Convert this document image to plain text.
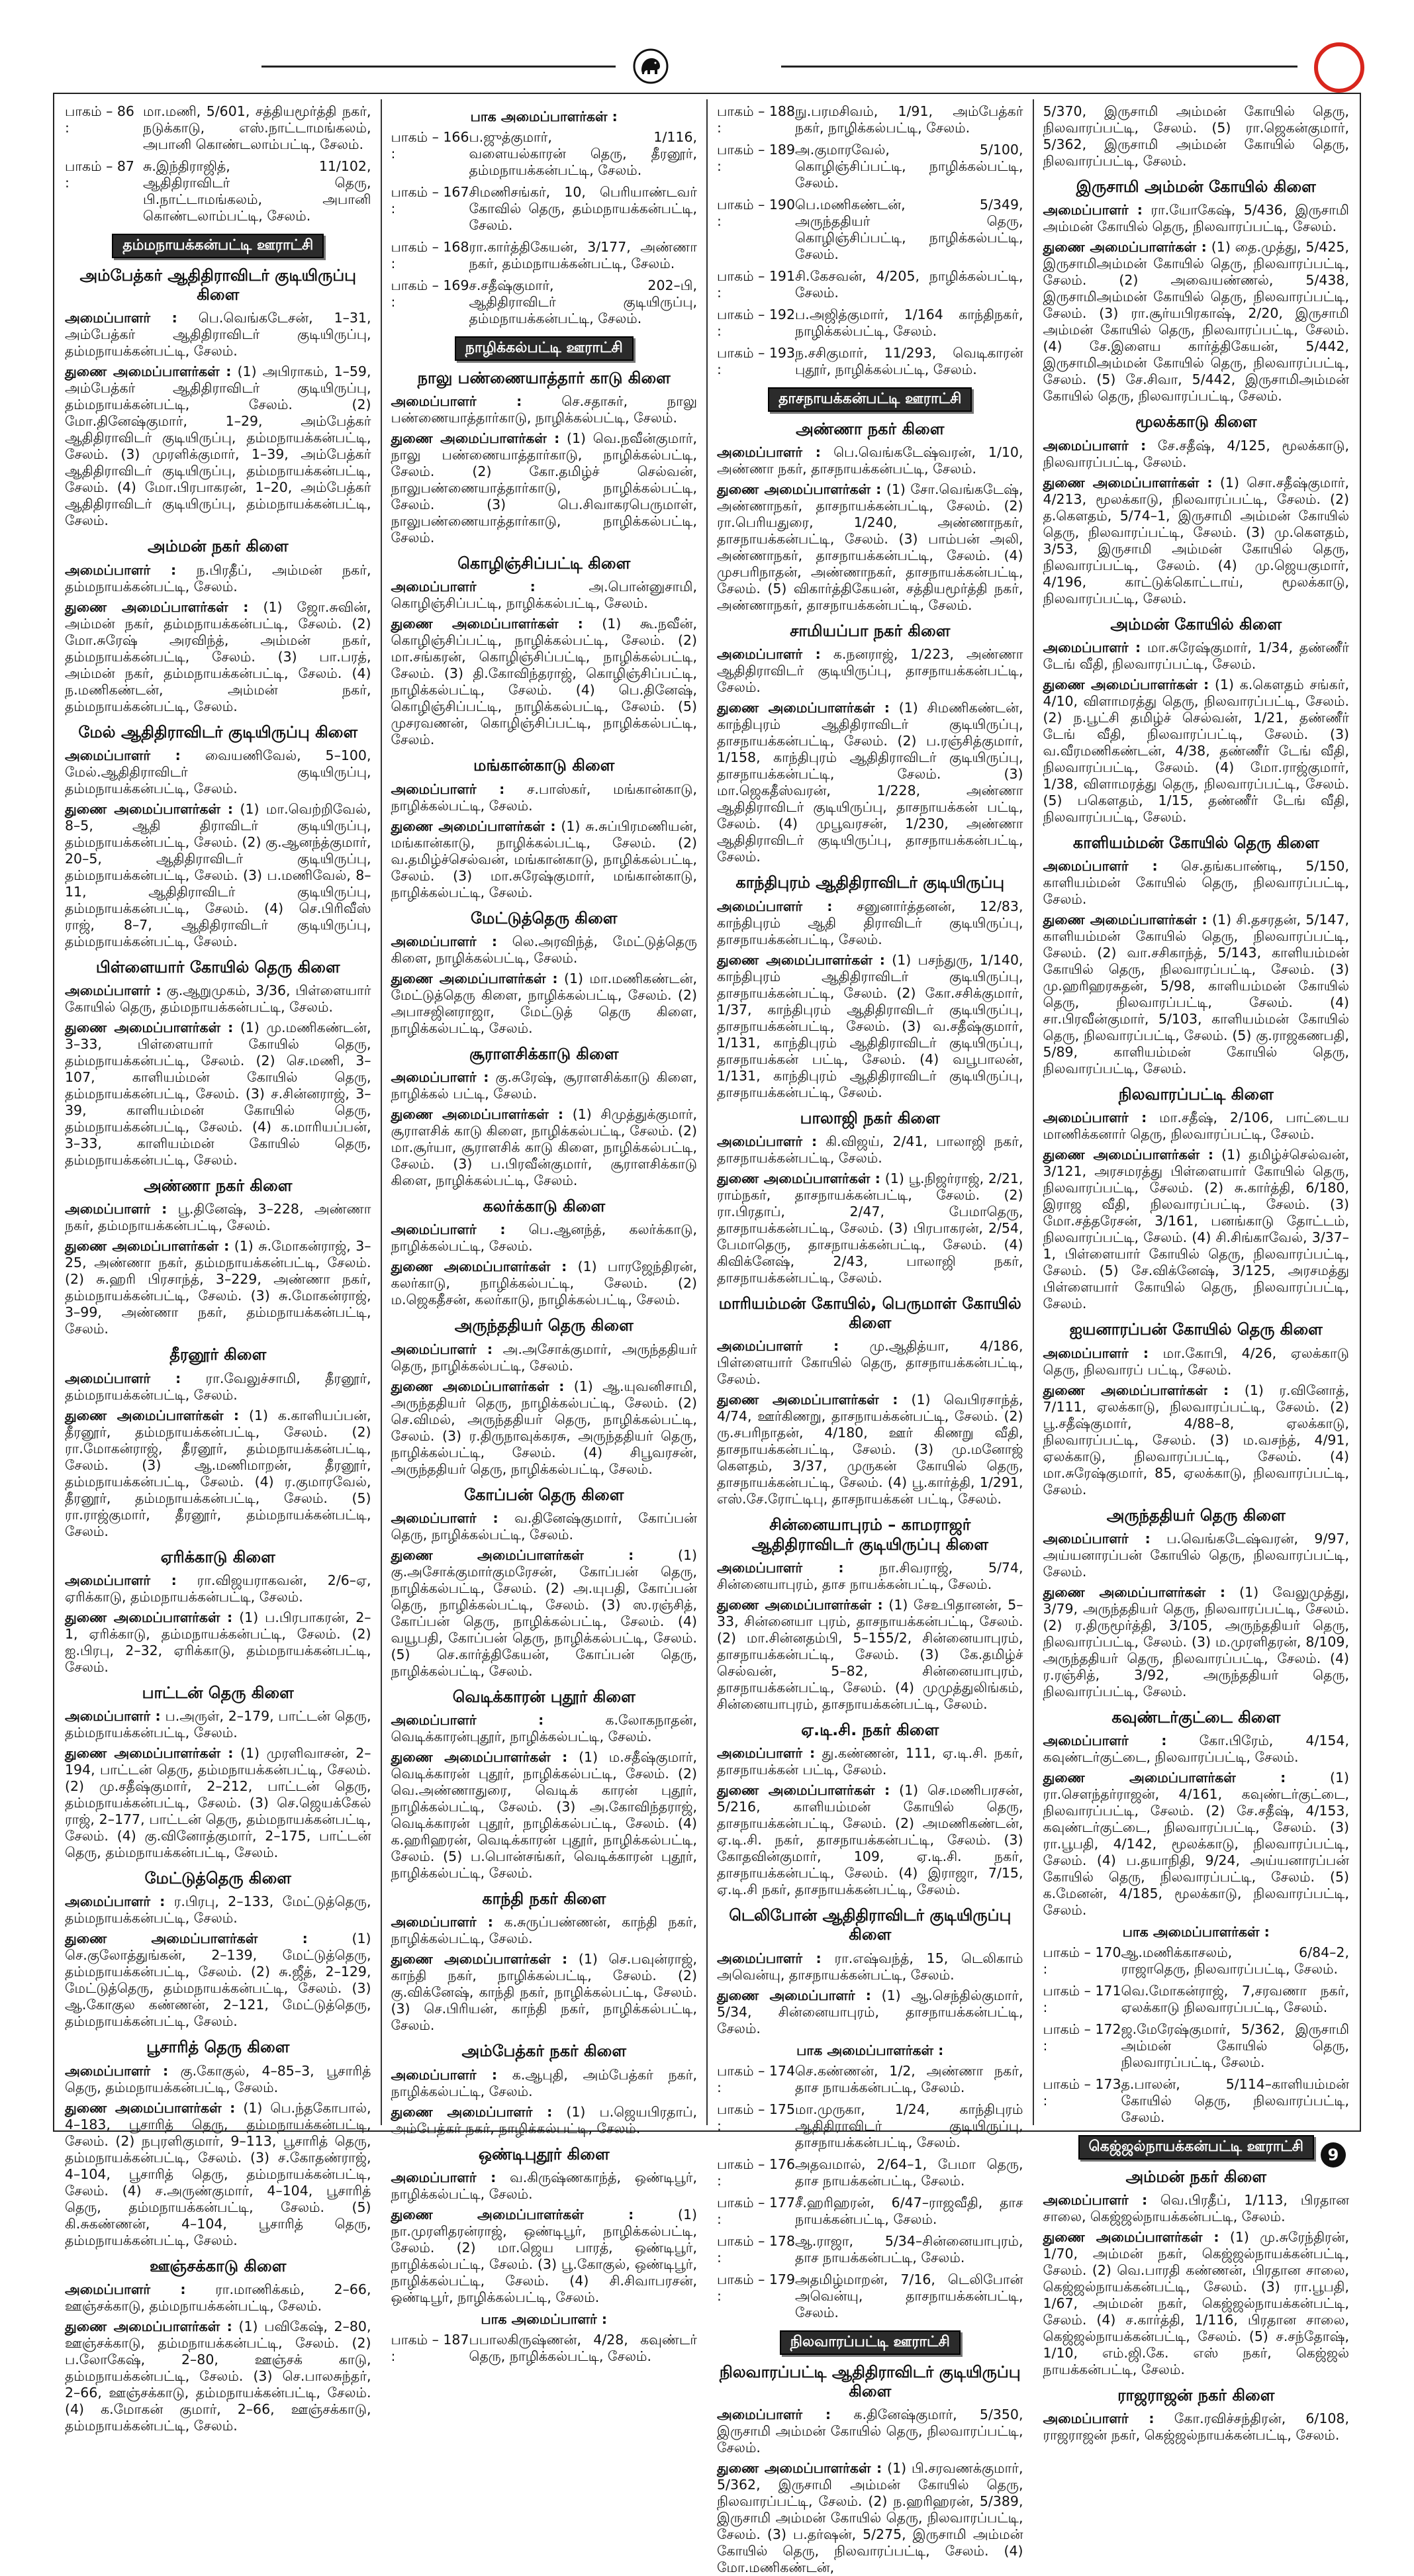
பாகம் – 86 :
மா.மணி, 5/601, சத்தியமூர்த்தி நகர், நடுக்காடு, எஸ்.நாட்டாமங்கலம், அபானி கொண்டலாம்பட்டி, சேலம்.
பாகம் – 87 :
சு.இந்திராஜித், 11/102, ஆதிதிராவிடர் தெரு, பி.நாட்டாமங்கலம், அபானி கொண்டலாம்பட்டி, சேலம்.
தம்மநாயக்கன்பட்டி ஊராட்சி
அம்பேத்கர் ஆதிதிராவிடர் குடியிருப்பு கிளை
அமைப்பாளர் : பெ.வெங்கடேசன், 1–31, அம்பேத்கர் ஆதிதிராவிடர் குடியிருப்பு, தம்மநாயக்கன்பட்டி, சேலம்.
துணை அமைப்பாளர்கள் : (1) அபிராகம், 1–59, அம்பேத்கர் ஆதிதிராவிடர் குடியிருப்பு, தம்மநாயக்கன்பட்டி, சேலம். (2) மோ.தினேஷ்குமார், 1–29, அம்பேத்கர் ஆதிதிராவிடர் குடியிருப்பு, தம்மநாயக்கன்பட்டி, சேலம். (3) முரளிக்குமார், 1–39, அம்பேத்கர் ஆதிதிராவிடர் குடியிருப்பு, தம்மநாயக்கன்பட்டி, சேலம். (4) மோ.பிரபாகரன், 1–20, அம்பேத்கர் ஆதிதிராவிடர் குடியிருப்பு, தம்மநாயக்கன்பட்டி, சேலம்.
அம்மன் நகர் கிளை
அமைப்பாளர் : ந.பிரதீப், அம்மன் நகர், தம்மநாயக்கன்பட்டி, சேலம்.
துணை அமைப்பாளர்கள் : (1) ஜோ.சுவின், அம்மன் நகர், தம்மநாயக்கன்பட்டி, சேலம். (2) மோ.சுரேஷ் அரவிந்த், அம்மன் நகர், தம்மநாயக்கன்பட்டி, சேலம். (3) பா.பரத், அம்மன் நகர், தம்மநாயக்கன்பட்டி, சேலம். (4) ந.மணிகண்டன், அம்மன் நகர், தம்மநாயக்கன்பட்டி, சேலம்.
மேல் ஆதிதிராவிடர் குடியிருப்பு கிளை
அமைப்பாளர் : வையணிவேல், 5–100, மேல்.ஆதிதிராவிடர் குடியிருப்பு, தம்மநாயக்கன்பட்டி, சேலம்.
துணை அமைப்பாளர்கள் : (1) மா.வெற்றிவேல், 8–5, ஆதி திராவிடர் குடியிருப்பு, தம்மநாயக்கன்பட்டி, சேலம். (2) கு.ஆனந்த்குமார், 20–5, ஆதிதிராவிடர் குடியிருப்பு, தம்மநாயக்கன்பட்டி, சேலம். (3) ப.மணிவேல், 8–11, ஆதிதிராவிடர் குடியிருப்பு, தம்மநாயக்கன்பட்டி, சேலம். (4) செ.பிரிவீஸ் ராஜ், 8–7, ஆதிதிராவிடர் குடியிருப்பு, தம்மநாயக்கன்பட்டி, சேலம்.
பிள்ளையார் கோயில் தெரு கிளை
அமைப்பாளர் : கு.ஆறுமுகம், 3/36, பிள்ளையார் கோயில் தெரு, தம்மநாயக்கன்பட்டி, சேலம்.
துணை அமைப்பாளர்கள் : (1) மு.மணிகண்டன், 3–33, பிள்ளையார் கோயில் தெரு, தம்மநாயக்கன்பட்டி, சேலம். (2) செ.மணி, 3–107, காளியம்மன் கோயில் தெரு, தம்மநாயக்கன்பட்டி, சேலம். (3) ச.சின்னராஜ், 3–39, காளியம்மன் கோயில் தெரு, தம்மநாயக்கன்பட்டி, சேலம். (4) க.மாரியப்பன், 3–33, காளியம்மன் கோயில் தெரு, தம்மநாயக்கன்பட்டி, சேலம்.
அண்ணா நகர் கிளை
அமைப்பாளர் : பூ.தினேஷ், 3–228, அண்ணா நகர், தம்மநாயக்கன்பட்டி, சேலம்.
துணை அமைப்பாளர்கள் : (1) சு.மோகன்ராஜ், 3–25, அண்ணா நகர், தம்மநாயக்கன்பட்டி, சேலம். (2) சு.ஹரி பிரசாந்த், 3–229, அண்ணா நகர், தம்மநாயக்கன்பட்டி, சேலம். (3) சு.மோகன்ராஜ், 3–99, அண்ணா நகர், தம்மநாயக்கன்பட்டி, சேலம்.
தீரனூர் கிளை
அமைப்பாளர் : ரா.வேலுச்சாமி, தீரனூர், தம்மநாயக்கன்பட்டி, சேலம்.
துணை அமைப்பாளர்கள் : (1) க.காளியப்பன், தீரனூர், தம்மநாயக்கன்பட்டி, சேலம். (2) ரா.மோகன்ராஜ், தீரனூர், தம்மநாயக்கன்பட்டி, சேலம். (3) ஆ.மணிமாறன், தீரனூர், தம்மநாயக்கன்பட்டி, சேலம். (4) ர.குமாரவேல், தீரனூர், தம்மநாயக்கன்பட்டி, சேலம். (5) ரா.ராஜ்குமார், தீரனூர், தம்மநாயக்கன்பட்டி, சேலம்.
ஏரிக்காடு கிளை
அமைப்பாளர் : ரா.விஜயராகவன், 2/6–ஏ, ஏரிக்காடு, தம்மநாயக்கன்பட்டி, சேலம்.
துணை அமைப்பாளர்கள் : (1) ப.பிரபாகரன், 2–1, ஏரிக்காடு, தம்மநாயக்கன்பட்டி, சேலம். (2) ஐ.பிரபு, 2–32, ஏரிக்காடு, தம்மநாயக்கன்பட்டி, சேலம்.
பாட்டன் தெரு கிளை
அமைப்பாளர் : ப.அருள், 2–179, பாட்டன் தெரு, தம்மநாயக்கன்பட்டி, சேலம்.
துணை அமைப்பாளர்கள் : (1) முரளிவாசன், 2–194, பாட்டன் தெரு, தம்மநாயக்கன்பட்டி, சேலம். (2) மு.சதீஷ்குமார், 2–212, பாட்டன் தெரு, தம்மநாயக்கன்பட்டி, சேலம். (3) செ.ஜெயக்கேல் ராஜ், 2–177, பாட்டன் தெரு, தம்மநாயக்கன்பட்டி, சேலம். (4) கு.வினோத்குமார், 2–175, பாட்டன் தெரு, தம்மநாயக்கன்பட்டி, சேலம்.
மேட்டுத்தெரு கிளை
அமைப்பாளர் : ர.பிரபு, 2–133, மேட்டுத்தெரு, தம்மநாயக்கன்பட்டி, சேலம்.
துணை அமைப்பாளர்கள் :	(1) செ.குலோத்துங்கன், 2–139, மேட்டுத்தெரு, தம்மநாயக்கன்பட்டி, சேலம். (2) சு.ஜீத், 2–129, மேட்டுத்தெரு, தம்மநாயக்கன்பட்டி, சேலம். (3) ஆ.கோகுல கண்ணன், 2–121, மேட்டுத்தெரு, தம்மநாயக்கன்பட்டி, சேலம்.
பூசாரித் தெரு கிளை
அமைப்பாளர் : கு.கோகுல், 4–85–3, பூசாரித் தெரு, தம்மநாயக்கன்பட்டி, சேலம்.
துணை அமைப்பாளர்கள் : (1) பெ.ந்தகோபால், 4–183, பூசாரித் தெரு, தம்மநாயக்கன்பட்டி, சேலம். (2) நபுரளிகுமார், 9–113, பூசாரித் தெரு, தம்மநாயக்கன்பட்டி, சேலம். (3) ச.கோதண்ராஜ், 4–104, பூசாரித் தெரு, தம்மநாயக்கன்பட்டி, சேலம். (4) ச.அருண்குமார், 4–104, பூசாரித் தெரு, தம்மநாயக்கன்பட்டி, சேலம். (5) கி.சுகண்ணன், 4–104, பூசாரித் தெரு, தம்மநாயக்கன்பட்டி, சேலம்.
ஊஞ்சக்காடு கிளை
அமைப்பாளர் : ரா.மாணிக்கம், 2–66, ஊஞ்சக்காடு, தம்மநாயக்கன்பட்டி, சேலம்.
துணை அமைப்பாளர்கள் : (1) பவிகேஷ், 2–80, ஊஞ்சக்காடு, தம்மநாயக்கன்பட்டி, சேலம். (2) ப.லோகேஷ், 2–80, ஊஞ்சக் காடு, தம்மநாயக்கன்பட்டி, சேலம். (3) செ.பாலசுந்தர், 2–66, ஊஞ்சக்காடு, தம்மநாயக்கன்பட்டி, சேலம். (4) க.மோகன் குமார், 2–66, ஊஞ்சக்காடு, தம்மநாயக்கன்பட்டி, சேலம்.
பாக அமைப்பாளர்கள் :
பாகம் – 166 :
ப.ஜுத்குமார், 1/116, வளையல்காரன் தெரு, தீரனூர், தம்மநாயக்கன்பட்டி, சேலம்.
பாகம் – 167 :
சிமணிசங்கர், 10, பெரியாண்டவர் கோவில் தெரு, தம்மநாயக்கன்பட்டி, சேலம்.
பாகம் – 168 :
ரா.கார்த்திகேயன், 3/177, அண்ணா நகர், தம்மநாயக்கன்பட்டி, சேலம்.
பாகம் – 169 :
ச.சதீஷ்குமார், 202–பி, ஆதிதிராவிடர் குடியிருப்பு, தம்மநாயக்கன்பட்டி, சேலம்.
நாழிக்கல்பட்டி ஊராட்சி
நாலு பண்ணையாத்தார் காடு கிளை
அமைப்பாளர் :	செ.சதாசுர், நாலு பண்ணையாத்தார்காடு, நாழிக்கல்பட்டி, சேலம்.
துணை அமைப்பாளர்கள் : (1) வெ.நவீன்குமார், நாலு பண்ணையாத்தார்காடு, நாழிக்கல்பட்டி, சேலம். (2) கோ.தமிழ்ச் செல்வன், நாலுபண்ணையாத்தார்காடு, நாழிக்கல்பட்டி, சேலம். (3) பெ.சிவாகரபெருமாள், நாலுபண்ணையாத்தார்காடு, நாழிக்கல்பட்டி, சேலம்.
கொழிஞ்சிப்பட்டி கிளை
அமைப்பாளர் :	அ.பொன்னுசாமி, கொழிஞ்சிப்பட்டி, நாழிக்கல்பட்டி, சேலம்.
துணை அமைப்பாளர்கள் : (1) கூ.நவீன், கொழிஞ்சிப்பட்டி, நாழிக்கல்பட்டி, சேலம். (2) மா.சங்கரன், கொழிஞ்சிப்பட்டி, நாழிக்கல்பட்டி, சேலம். (3) தி.கோவிந்தராஜ், கொழிஞ்சிப்பட்டி, நாழிக்கல்பட்டி, சேலம். (4) பெ.தினேஷ், கொழிஞ்சிப்பட்டி, நாழிக்கல்பட்டி, சேலம். (5) முசரவணன், கொழிஞ்சிப்பட்டி, நாழிக்கல்பட்டி, சேலம்.
மங்கான்காடு கிளை
அமைப்பாளர் : ச.பாஸ்கர், மங்கான்காடு, நாழிக்கல்பட்டி, சேலம்.
துணை அமைப்பாளர்கள் : (1) சு.சுப்பிரமணியன், மங்கான்காடு, நாழிக்கல்பட்டி, சேலம். (2) வ.தமிழ்ச்செல்வன், மங்கான்காடு, நாழிக்கல்பட்டி, சேலம். (3) மா.சுரேஷ்குமார், மங்கான்காடு, நாழிக்கல்பட்டி, சேலம்.
மேட்டுத்தெரு கிளை
அமைப்பாளர் : லெ.அரவிந்த், மேட்டுத்தெரு கிளை, நாழிக்கல்பட்டி, சேலம்.
துணை அமைப்பாளர்கள் : (1) மா.மணிகண்டன், மேட்டுத்தெரு கிளை, நாழிக்கல்பட்டி, சேலம். (2) அபாசஜினராஜா, மேட்டுத் தெரு கிளை, நாழிக்கல்பட்டி, சேலம்.
சூராளசிக்காடு கிளை
அமைப்பாளர் : கு.சுரேஷ், சூராளசிக்காடு கிளை, நாழிக்கல் பட்டி, சேலம்.
துணை அமைப்பாளர்கள் : (1) சிமுத்துக்குமார், சூராளசிக் காடு கிளை, நாழிக்கல்பட்டி, சேலம். (2) மா.சூர்யா, சூராளசிக் காடு கிளை, நாழிக்கல்பட்டி, சேலம். (3) ப.பிரவீன்குமார், சூராளசிக்காடு கிளை, நாழிக்கல்பட்டி, சேலம்.
கலர்க்காடு கிளை
அமைப்பாளர் : பெ.ஆனந்த், கலர்க்காடு, நாழிக்கல்பட்டி, சேலம்.
துணை அமைப்பாளர்கள் : (1) பாரஜேந்திரன், கலர்காடு, நாழிக்கல்பட்டி, சேலம். (2) ம.ஜெகதீசன், கலர்காடு, நாழிக்கல்பட்டி, சேலம்.
அருந்ததியர் தெரு கிளை
அமைப்பாளர் : அ.அசோக்குமார், அருந்ததியர் தெரு, நாழிக்கல்பட்டி, சேலம்.
துணை அமைப்பாளர்கள் : (1) ஆ.யுவனிசாமி, அருந்ததியர் தெரு, நாழிக்கல்பட்டி, சேலம். (2) செ.விமல், அருந்ததியர் தெரு, நாழிக்கல்பட்டி, சேலம். (3) ர.திருநாவுக்கரசு, அருந்ததியர் தெரு, நாழிக்கல்பட்டி, சேலம். (4) சிபூவரசன், அருந்ததியர் தெரு, நாழிக்கல்பட்டி, சேலம்.
கோப்பன் தெரு கிளை
அமைப்பாளர் : வ.தினேஷ்குமார், கோப்பன் தெரு, நாழிக்கல்பட்டி, சேலம்.
துணை அமைப்பாளர்கள் :	(1) கு.அசோக்குமார்குமரேசன், கோப்பன் தெரு, நாழிக்கல்பட்டி, சேலம். (2) அ.யுபதி, கோப்பன் தெரு, நாழிக்கல்பட்டி, சேலம். (3) ஸ.ரஞ்சித், கோப்பன் தெரு, நாழிக்கல்பட்டி, சேலம். (4) வயூபதி, கோப்பன் தெரு, நாழிக்கல்பட்டி, சேலம். (5) செ.கார்த்திகேயன், கோப்பன் தெரு, நாழிக்கல்பட்டி, சேலம்.
வெடிக்காரன் புதூர் கிளை
அமைப்பாளர் :	க.லோகநாதன், வெடிக்காரன்புதூர், நாழிக்கல்பட்டி, சேலம்.
துணை அமைப்பாளர்கள் : (1) ம.சதீஷ்குமார், வெடிக்காரன் புதூர், நாழிக்கல்பட்டி, சேலம். (2) வெ.அண்ணாதுரை, வெடிக் காரன் புதூர், நாழிக்கல்பட்டி, சேலம். (3) அ.கோவிந்தராஜ், வெடிக்காரன் புதூர், நாழிக்கல்பட்டி, சேலம். (4) க.ஹரிஹரன், வெடிக்காரன் புதூர், நாழிக்கல்பட்டி, சேலம். (5) ப.பொன்சங்கர், வெடிக்காரன் புதூர், நாழிக்கல்பட்டி, சேலம்.
காந்தி நகர் கிளை
அமைப்பாளர் : க.சுருப்பண்ணன், காந்தி நகர், நாழிக்கல்பட்டி, சேலம்.
துணை அமைப்பாளர்கள் : (1) செ.பவுன்ராஜ், காந்தி நகர், நாழிக்கல்பட்டி, சேலம். (2) கு.விக்னேஷ், காந்தி நகர், நாழிக்கல்பட்டி, சேலம். (3) செ.பிரியன், காந்தி நகர், நாழிக்கல்பட்டி, சேலம்.
அம்பேத்கர் நகர் கிளை
அமைப்பாளர் : க.ஆபுதி, அம்பேத்கர் நகர், நாழிக்கல்பட்டி, சேலம்.
துணை அமைப்பாளர் : (1) ப.ஜெயபிரதாப், அம்பேத்கர் நகர், நாழிக்கல்பட்டி, சேலம்.
ஒண்டிபுதூர் கிளை
அமைப்பாளர் : வ.கிருஷ்ணகாந்த், ஒண்டிபூர், நாழிக்கல்பட்டி, சேலம்.
துணை அமைப்பாளர்கள் :	(1) நா.முரளிதரன்ராஜ், ஒண்டிபூர், நாழிக்கல்பட்டி, சேலம். (2) மா.ஜெய பாரத், ஒண்டிபூர், நாழிக்கல்பட்டி, சேலம். (3) பூ.கோகுல், ஒண்டிபூர், நாழிக்கல்பட்டி, சேலம். (4) சி.சிவாபரசன், ஒண்டிபூர், நாழிக்கல்பட்டி, சேலம்.
பாக அமைப்பாளர் :
பாகம் – 187 :
பபாலகிருஷ்ணன், 4/28, கவுண்டர் தெரு, நாழிக்கல்பட்டி, சேலம்.
பாகம் – 188 :
நு.பரமசிவம், 1/91, அம்பேத்கர் நகர், நாழிக்கல்பட்டி, சேலம்.
பாகம் – 189 :
அ.குமாரவேல், 5/100, கொழிஞ்சிப்பட்டி, நாழிக்கல்பட்டி, சேலம்.
பாகம் – 190 :
பெ.மணிகண்டன், 5/349, அருந்ததியர் தெரு, கொழிஞ்சிப்பட்டி, நாழிக்கல்பட்டி, சேலம்.
பாகம் – 191 :
சி.கேசவன், 4/205, நாழிக்கல்பட்டி, சேலம்.
பாகம் – 192 :
ப.அஜித்குமார், 1/164 காந்திநகர், நாழிக்கல்பட்டி, சேலம்.
பாகம் – 193 :
ந.சசிகுமார், 11/293, வெடிகாரன் புதூர், நாழிக்கல்பட்டி, சேலம்.
தாசநாயக்கன்பட்டி ஊராட்சி
அண்ணா நகர் கிளை
அமைப்பாளர் : பெ.வெங்கடேஷ்வரன், 1/10, அண்ணா நகர், தாசநாயக்கன்பட்டி, சேலம்.
துணை அமைப்பாளர்கள் : (1) சோ.வெங்கடேஷ், அண்ணாநகர், தாசநாயக்கன்பட்டி, சேலம். (2) ரா.பெரியதுரை, 1/240, அண்ணாநகர், தாசநாயக்கன்பட்டி, சேலம். (3) பாம்பன் அலி, அண்ணாநகர், தாசநாயக்கன்பட்டி, சேலம். (4) முசபரிநாதன், அண்ணாநகர், தாசநாயக்கன்பட்டி, சேலம். (5) விகார்த்திகேயன், சத்தியமூர்த்தி நகர், அண்ணாநகர், தாசநாயக்கன்பட்டி, சேலம்.
சாமியப்பா நகர் கிளை
அமைப்பாளர் : க.நனராஜ், 1/223, அண்ணா ஆதிதிராவிடர் குடியிருப்பு, தாசநாயக்கன்பட்டி, சேலம்.
துணை அமைப்பாளர்கள் : (1) சிமணிகண்டன், காந்திபுரம் ஆதிதிராவிடர் குடியிருப்பு, தாசநாயக்கன்பட்டி, சேலம். (2) ப.ரஞ்சித்குமார், 1/158, காந்திபுரம் ஆதிதிராவிடர் குடியிருப்பு, தாசநாயக்கன்பட்டி, சேலம். (3) மா.ஜெகதீஸ்வரன், 1/228, அண்ணா ஆதிதிராவிடர் குடியிருப்பு, தாசநாயக்கன் பட்டி, சேலம். (4) முபூவரசன், 1/230, அண்ணா ஆதிதிராவிடர் குடியிருப்பு, தாசநாயக்கன்பட்டி, சேலம்.
காந்திபுரம் ஆதிதிராவிடர் குடியிருப்பு
அமைப்பாளர் : சனுனார்த்தனன், 12/83, காந்திபுரம் ஆதி திராவிடர் குடியிருப்பு, தாசநாயக்கன்பட்டி, சேலம்.
துணை அமைப்பாளர்கள் : (1) பசந்துரு, 1/140, காந்திபுரம் ஆதிதிராவிடர் குடியிருப்பு, தாசநாயக்கன்பட்டி, சேலம். (2) கோ.சசிக்குமார், 1/37, காந்திபுரம் ஆதிதிராவிடர் குடியிருப்பு, தாசநாயக்கன்பட்டி, சேலம். (3) வ.சதீஷ்குமார், 1/131, காந்திபுரம் ஆதிதிராவிடர் குடியிருப்பு, தாசநாயக்கன் பட்டி, சேலம். (4) வபூபாலன், 1/131, காந்திபுரம் ஆதிதிராவிடர் குடியிருப்பு, தாசநாயக்கன்பட்டி, சேலம்.
பாலாஜி நகர் கிளை
அமைப்பாளர் : கி.விஜய், 2/41, பாலாஜி நகர், தாசநாயக்கன்பட்டி, சேலம்.
துணை அமைப்பாளர்கள் : (1) பூ.நிஜர்ராஜ், 2/21, ராம்நகர், தாசநாயக்கன்பட்டி, சேலம். (2) ரா.பிரதாப், 2/47, பேமாதெரு, தாசநாயக்கன்பட்டி, சேலம். (3) பிரபாகரன், 2/54, பேமாதெரு, தாசநாயக்கன்பட்டி, சேலம். (4) கிவிக்னேஷ், 2/43, பாலாஜி நகர், தாசநாயக்கன்பட்டி, சேலம்.
மாரியம்மன் கோயில், பெருமாள் கோயில் கிளை
அமைப்பாளர் : மு.ஆதித்யா, 4/186, பிள்ளையார் கோயில் தெரு, தாசநாயக்கன்பட்டி, சேலம்.
துணை அமைப்பாளர்கள் : (1) வெபிரசாந்த், 4/74, ஊர்கிணறு, தாசநாயக்கன்பட்டி, சேலம். (2) ரு.சபரிநாதன், 4/180, ஊர் கிணறு வீதி, தாசநாயக்கன்பட்டி, சேலம். (3) மு.மனோஜ் கௌதம், 3/37, முருகன் கோயில் தெரு, தாசநாயக்கன்பட்டி, சேலம். (4) பூ.கார்த்தி, 1/291, எஸ்.சே.ரோட்டிபு, தாசநாயக்கன் பட்டி, சேலம்.
சின்னையாபுரம் – காமராஜர் ஆதிதிராவிடர் குடியிருப்பு கிளை
அமைப்பாளர் :	நா.சிவராஜ், 5/74, சின்னையாபுரம், தாச நாயக்கன்பட்டி, சேலம்.
துணை அமைப்பாளர்கள் : (1) சேஉபிதானன், 5–33, சின்னையா புரம், தாசநாயக்கன்பட்டி, சேலம். (2) மா.சின்னதம்பி, 5–155/2, சின்னையாபுரம், தாசநாயக்கன்பட்டி, சேலம். (3) கே.தமிழ்ச் செல்வன், 5–82, சின்னையாபுரம், தாசநாயக்கன்பட்டி, சேலம். (4) முமுத்துலிங்கம், சின்னையாபுரம், தாசநாயக்கன்பட்டி, சேலம்.
ஏ.டி.சி. நகர் கிளை
அமைப்பாளர் : து.கண்ணன், 111, ஏ.டி.சி. நகர், தாசநாயக்கன் பட்டி, சேலம்.
துணை அமைப்பாளர்கள் : (1) செ.மணிபரசன், 5/216, காளியம்மன் கோயில் தெரு, தாசநாயக்கன்பட்டி, சேலம். (2) அமணிகண்டன், ஏ.டி.சி. நகர், தாசநாயக்கன்பட்டி, சேலம். (3) கோதவின்குமார், 109, ஏ.டி.சி. நகர், தாசநாயக்கன்பட்டி, சேலம். (4) இராஜா, 7/15, ஏ.டி.சி நகர், தாசநாயக்கன்பட்டி, சேலம்.
டெலிபோன் ஆதிதிராவிடர் குடியிருப்பு கிளை
அமைப்பாளர் : ரா.எஷ்வந்த், 15, டெலிகாம் அவென்யு, தாசநாயக்கன்பட்டி, சேலம்.
துணை அமைப்பாளர் : (1) ஆ.செந்தில்குமார், 5/34, சின்னையாபுரம், தாசநாயக்கன்பட்டி, சேலம்.
பாக அமைப்பாளர்கள் :
பாகம் – 174 :
செ.கண்ணன், 1/2, அண்ணா நகர், தாச நாயக்கன்பட்டி, சேலம்.
பாகம் – 175 :
மா.முருகா, 1/24, காந்திபுரம் ஆதிதிராவிடர் குடியிருப்பு, தாசநாயக்கன்பட்டி, சேலம்.
பாகம் – 176 :
அதவமால், 2/64–1, பேமா தெரு, தாச நாயக்கன்பட்டி, சேலம்.
பாகம் – 177 :
சீ.ஹரிஹரன், 6/47–ராஜவீதி, தாச நாயக்கன்பட்டி, சேலம்.
பாகம் – 178 :
ஆ.ராஜா, 5/34–சின்னையாபுரம், தாச நாயக்கன்பட்டி, சேலம்.
பாகம் – 179 :
அதமிழ்மாறன், 7/16, டெலிபோன் அவென்யு, தாசநாயக்கன்பட்டி, சேலம்.
நிலவாரப்பட்டி ஊராட்சி
நிலவாரப்பட்டி ஆதிதிராவிடர் குடியிருப்பு கிளை
அமைப்பாளர் : க.தினேஷ்குமார், 5/350, இருசாமி அம்மன் கோயில் தெரு, நிலவாரப்பட்டி, சேலம்.
துணை அமைப்பாளர்கள் : (1) பி.சரவணக்குமார், 5/362, இருசாமி அம்மன் கோயில் தெரு, நிலவாரப்பட்டி, சேலம். (2) ந.ஹரிஹரன், 5/389, இருசாமி அம்மன் கோயில் தெரு, நிலவாரப்பட்டி, சேலம். (3) ப.தர்ஷன், 5/275, இருசாமி அம்மன் கோயில் தெரு, நிலவாரப்பட்டி, சேலம். (4) மோ.மணிகண்டன்,
5/370, இருசாமி அம்மன் கோயில் தெரு, நிலவாரப்பட்டி, சேலம். (5) ரா.ஜெகன்குமார், 5/362, இருசாமி அம்மன் கோயில் தெரு, நிலவாரப்பட்டி, சேலம்.
இருசாமி அம்மன் கோயில் கிளை
அமைப்பாளர் : ரா.யோகேஷ், 5/436, இருசாமி அம்மன் கோயில் தெரு, நிலவாரப்பட்டி, சேலம்.
துணை அமைப்பாளர்கள் : (1) தை.முத்து, 5/425, இருசாமிஅம்மன் கோயில் தெரு, நிலவாரப்பட்டி, சேலம். (2) அவையண்ணல், 5/438, இருசாமிஅம்மன் கோயில் தெரு, நிலவாரப்பட்டி, சேலம். (3) ரா.சூர்யபிரகாஷ், 2/20, இருசாமி அம்மன் கோயில் தெரு, நிலவாரப்பட்டி, சேலம். (4) சே.இளைய கார்த்திகேயன், 5/442, இருசாமிஅம்மன் கோயில் தெரு, நிலவாரப்பட்டி, சேலம். (5) சே.சிவா, 5/442, இருசாமிஅம்மன் கோயில் தெரு, நிலவாரப்பட்டி, சேலம்.
மூலக்காடு கிளை
அமைப்பாளர் : சே.சதீஷ், 4/125, மூலக்காடு, நிலவாரப்பட்டி, சேலம்.
துணை அமைப்பாளர்கள் : (1) சொ.சதீஷ்குமார், 4/213, மூலக்காடு, நிலவாரப்பட்டி, சேலம். (2) த.கௌதம், 5/74–1, இருசாமி அம்மன் கோயில் தெரு, நிலவாரப்பட்டி, சேலம். (3) மு.கௌதம், 3/53, இருசாமி அம்மன் கோயில் தெரு, நிலவாரப்பட்டி, சேலம். (4) மு.ஜெயகுமார், 4/196, காட்டுக்கொட்டாய், மூலக்காடு, நிலவாரப்பட்டி, சேலம்.
அம்மன் கோயில் கிளை
அமைப்பாளர் : மா.சுரேஷ்குமார், 1/34, தண்ணீர் டேங் வீதி, நிலவாரப்பட்டி, சேலம்.
துணை அமைப்பாளர்கள் : (1) க.கௌதம் சங்கர், 4/10, விளாமரத்து தெரு, நிலவாரப்பட்டி, சேலம். (2) ந.பூட்சி தமிழ்ச் செல்வன், 1/21, தண்ணீர் டேங் வீதி, நிலவாரப்பட்டி, சேலம். (3) வ.வீரமணிகண்டன், 4/38, தண்ணீர் டேங் வீதி, நிலவாரப்பட்டி, சேலம். (4) மோ.ராஜ்குமார், 1/38, விளாமரத்து தெரு, நிலவாரப்பட்டி, சேலம். (5) பகௌதம், 1/15, தண்ணீர் டேங் வீதி, நிலவாரப்பட்டி, சேலம்.
காளியம்மன் கோயில் தெரு கிளை
அமைப்பாளர் : செ.தங்கபாண்டி, 5/150, காளியம்மன் கோயில் தெரு, நிலவாரப்பட்டி, சேலம்.
துணை அமைப்பாளர்கள் : (1) சி.தசரதன், 5/147, காளியம்மன் கோயில் தெரு, நிலவாரப்பட்டி, சேலம். (2) வா.சசிகாந்த், 5/143, காளியம்மன் கோயில் தெரு, நிலவாரப்பட்டி, சேலம். (3) மு.ஹரிஹரசுதன், 5/98, காளியம்மன் கோயில் தெரு, நிலவாரப்பட்டி, சேலம். (4) சா.பிரவீன்குமார், 5/103, காளியம்மன் கோயில் தெரு, நிலவாரப்பட்டி, சேலம். (5) கு.ராஜகணபதி, 5/89, காளியம்மன் கோயில் தெரு, நிலவாரப்பட்டி, சேலம்.
நிலவாரப்பட்டி கிளை
அமைப்பாளர் : மா.சதீஷ், 2/106, பாட்டைய மாணிக்கனார் தெரு, நிலவாரப்பட்டி, சேலம்.
துணை அமைப்பாளர்கள் : (1) தமிழ்ச்செல்வன், 3/121, அரசமரத்து பிள்ளையார் கோயில் தெரு, நிலவாரப்பட்டி, சேலம். (2) சு.கார்த்தி, 6/180, இராஜ வீதி, நிலவாரப்பட்டி, சேலம். (3) மோ.சத்தரேசன், 3/161, பனங்காடு தோட்டம், நிலவாரப்பட்டி, சேலம். (4) சி.சிங்காவேல், 3/37–1, பிள்ளையார் கோயில் தெரு, நிலவாரப்பட்டி, சேலம். (5) சே.விக்னேஷ், 3/125, அரசமத்து பிள்ளையார் கோயில் தெரு, நிலவாரப்பட்டி, சேலம்.
ஐயனாரப்பன் கோயில் தெரு கிளை
அமைப்பாளர் : மா.கோபி, 4/26, ஏலக்காடு தெரு, நிலவாரப் பட்டி, சேலம்.
துணை அமைப்பாளர்கள் : (1) ர.வினோத், 7/111, ஏலக்காடு, நிலவாரப்பட்டி, சேலம். (2) பூ.சதீஷ்குமார், 4/88–8, ஏலக்காடு, நிலவாரப்பட்டி, சேலம். (3) ம.வசந்த், 4/91, ஏலக்காடு, நிலவாரப்பட்டி, சேலம். (4) மா.சுரேஷ்குமார், 85, ஏலக்காடு, நிலவாரப்பட்டி, சேலம்.
அருந்ததியர் தெரு கிளை
அமைப்பாளர் : ப.வெங்கடேஷ்வரன், 9/97, அய்யனாரப்பன் கோயில் தெரு, நிலவாரப்பட்டி, சேலம்.
துணை அமைப்பாளர்கள் : (1) வேலுமுத்து, 3/79, அருந்ததியர் தெரு, நிலவாரப்பட்டி, சேலம். (2) ர.திருமூர்த்தி, 3/105, அருந்ததியர் தெரு, நிலவாரப்பட்டி, சேலம். (3) ம.முரளிதரன், 8/109, அருந்ததியர் தெரு, நிலவாரப்பட்டி, சேலம். (4) ர.ரஞ்சித், 3/92, அருந்ததியர் தெரு, நிலவாரப்பட்டி, சேலம்.
கவுண்டர்குட்டை கிளை
அமைப்பாளர் : கோ.பிரேம், 4/154, கவுண்டர்குட்டை, நிலவாரப்பட்டி, சேலம்.
துணை அமைப்பாளர்கள் :	(1) ரா.செளந்தர்ராஜன், 4/161, கவுண்டர்குட்டை, நிலவாரப்பட்டி, சேலம். (2) சே.சதீஷ், 4/153, கவுண்டர்குட்டை, நிலவாரப்பட்டி, சேலம். (3) ரா.பூபதி, 4/142, மூலக்காடு, நிலவாரப்பட்டி, சேலம். (4) ப.தயாநிதி, 9/24, அய்யனாரப்பன் கோயில் தெரு, நிலவாரப்பட்டி, சேலம். (5) க.மேனன், 4/185, மூலக்காடு, நிலவாரப்பட்டி, சேலம்.
பாக அமைப்பாளர்கள் :
பாகம் – 170 :
ஆ.மணிக்காசலம், 6/84–2, ராஜாதெரு, நிலவாரப்பட்டி, சேலம்.
பாகம் – 171 :
வெ.மோகன்ராஜ், 7,சரவணா நகர், ஏலக்காடு நிலவாரப்பட்டி, சேலம்.
பாகம் – 172 :
ஜ.மேரேஷ்குமார், 5/362, இருசாமி அம்மன் கோயில் தெரு, நிலவாரப்பட்டி, சேலம்.
பாகம் – 173 :
த.பாலன், 5/114–காளியம்மன் கோயில் தெரு, நிலவாரப்பட்டி, சேலம்.
கெஜ்ஜல்நாயக்கன்பட்டி ஊராட்சி
அம்மன் நகர் கிளை
அமைப்பாளர் : வெ.பிரதீப், 1/113, பிரதான சாலை, கெஜ்ஜல்நாயக்கன்பட்டி, சேலம்.
துணை அமைப்பாளர்கள் : (1) மு.சுரேந்திரன், 1/70, அம்மன் நகர், கெஜ்ஜல்நாயக்கன்பட்டி, சேலம். (2) வெ.பாரதி கண்ணன், பிரதான சாலை, கெஜ்ஜல்நாயக்கன்பட்டி, சேலம். (3) ரா.பூபதி, 1/67, அம்மன் நகர், கெஜ்ஜல்நாயக்கன்பட்டி, சேலம். (4) ச.கார்த்தி, 1/116, பிரதான சாலை, கெஜ்ஜல்நாயக்கன்பட்டி, சேலம். (5) ச.சந்தோஷ், 1/10, எம்.ஜி.கே. எஸ் நகர், கெஜ்ஜல் நாயக்கன்பட்டி, சேலம்.
ராஜராஜன் நகர் கிளை
அமைப்பாளர் : கோ.ரவிச்சந்திரன், 6/108, ராஜராஜன் நகர், கெஜ்ஜல்நாயக்கன்பட்டி, சேலம்.
9
